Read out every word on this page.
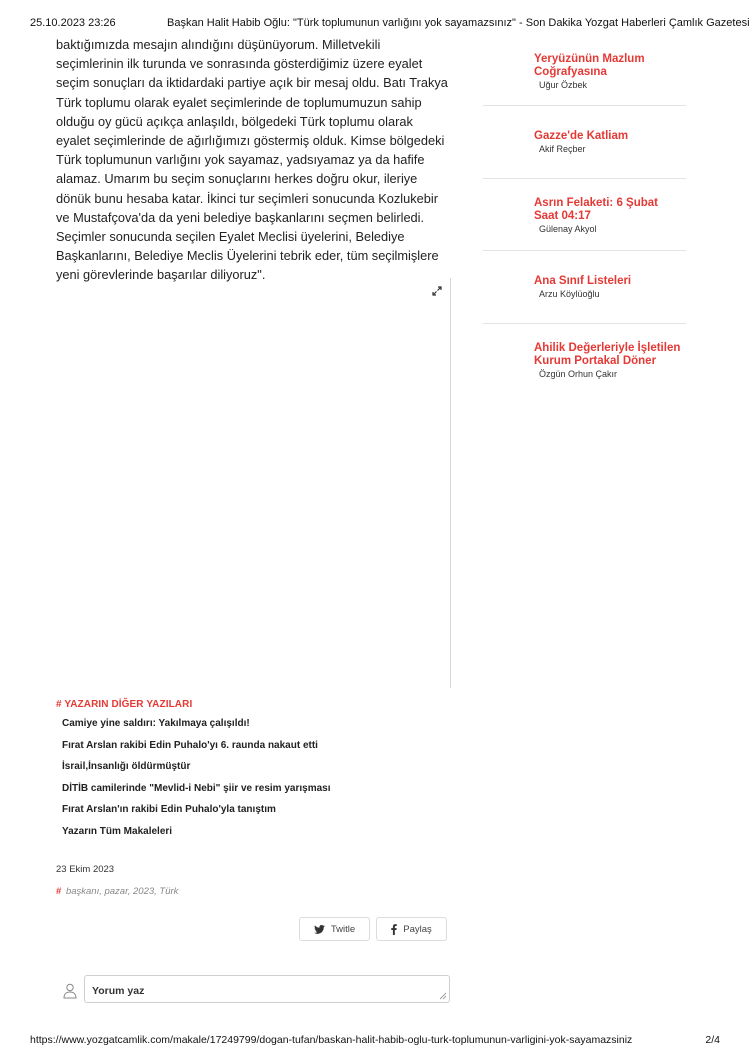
25.10.2023 23:26	Başkan Halit Habib Oğlu: "Türk toplumunun varlığını yok sayamazsınız" - Son Dakika Yozgat Haberleri Çamlık Gazetesi
baktığımızda mesajın alındığını düşünüyorum. Milletvekili seçimlerinin ilk turunda ve sonrasında gösterdiğimiz üzere eyalet seçim sonuçları da iktidardaki partiye açık bir mesaj oldu. Batı Trakya Türk toplumu olarak eyalet seçimlerinde de toplumumuzun sahip olduğu oy gücü açıkça anlaşıldı, bölgedeki Türk toplumu olarak eyalet seçimlerinde de ağırlığımızı göstermiş olduk. Kimse bölgedeki Türk toplumunun varlığını yok sayamaz, yadsıyamaz ya da hafife alamaz. Umarım bu seçim sonuçlarını herkes doğru okur, ileriye dönük bunu hesaba katar. İkinci tur seçimleri sonucunda Kozlukebir ve Mustafçova'da da yeni belediye başkanlarını seçmen belirledi. Seçimler sonucunda seçilen Eyalet Meclisi üyelerini, Belediye Başkanlarını, Belediye Meclis Üyelerini tebrik eder, tüm seçilmişlere yeni görevlerinde başarılar diliyoruz".
Yeryüzünün Mazlum Coğrafyasına
Uğur Özbek
Gazze'de Katliam
Akif Reçber
Asrın Felaketi: 6 Şubat Saat 04:17
Gülenay Akyol
Ana Sınıf Listeleri
Arzu Köylüoğlu
Ahilik Değerleriyle İşletilen Kurum Portakal Döner
Özgün Orhun Çakır
# YAZARIN DİĞER YAZILARI
Camiye yine saldırı: Yakılmaya çalışıldı!
Fırat Arslan rakibi Edin Puhalo'yı 6. raunda nakaut etti
İsrail,İnsanlığı öldürmüştür
DİTİB camilerinde "Mevlid-i Nebi" şiir ve resim yarışması
Fırat Arslan'ın rakibi Edin Puhalo'yla tanıştım
Yazarın Tüm Makaleleri
23 Ekim 2023
# başkanı, pazar, 2023, Türk
Twitle	Paylaş
Yorum yaz
https://www.yozgatcamlik.com/makale/17249799/dogan-tufan/baskan-halit-habib-oglu-turk-toplumunun-varligini-yok-sayamazsiniz	2/4
